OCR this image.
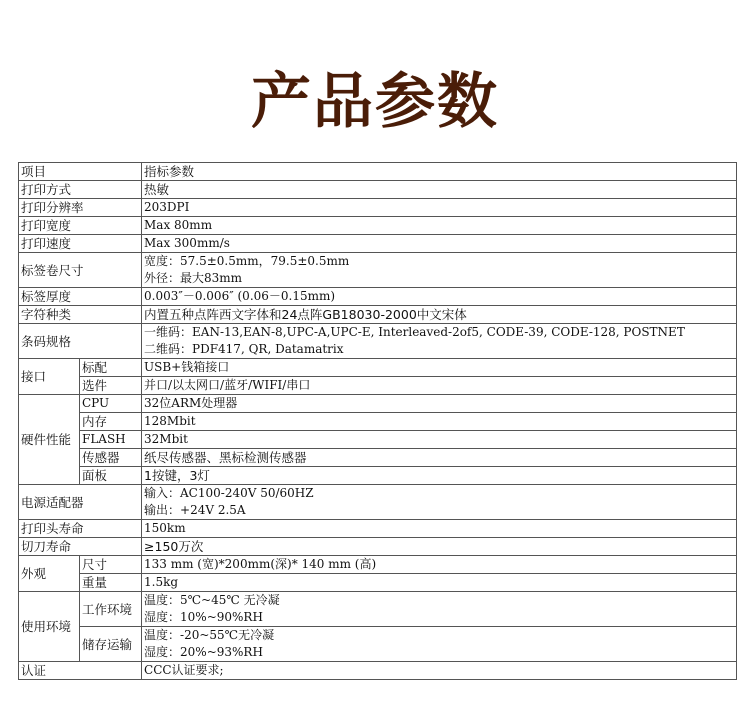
产品参数
项目		指标参数
打印方式		热敏
打印分辨率		203DPI
打印宽度		Max 80mm
打印速度		Max 300mm/s
标签卷尺寸		宽度：57.5±0.5mm，79.5±0.5mm
外径：最大83mm

标签厚度		0.003″－0.006″ (0.06－0.15mm)
字符种类		内置五种点阵西文字体和24点阵GB18030-2000中文宋体
条码规格		一维码：EAN-13,EAN-8,UPC-A,UPC-E, Interleaved-2of5, CODE-39, CODE-128, POSTNET
二维码：PDF417, QR, Datamatrix

接口	标配	USB+钱箱接口
	选件	并口/以太网口/蓝牙/WIFI/串口
硬件性能	CPU	32位ARM处理器
	内存	128Mbit
	FLASH	32Mbit
	传感器	纸尽传感器、黑标检测传感器
	面板	1按键，3灯
电源适配器		输入：AC100-240V 50/60HZ
输出：+24V 2.5A

打印头寿命		150km
切刀寿命		≥150万次
外观	尺寸	133 mm (宽)*200mm(深)* 140 mm (高)
	重量	1.5kg
使用环境	工作环境	温度：5℃~45℃ 无冷凝
湿度：10%~90%RH

	储存运输	温度：-20~55℃无冷凝
湿度：20%~93%RH

认证		CCC认证要求;
